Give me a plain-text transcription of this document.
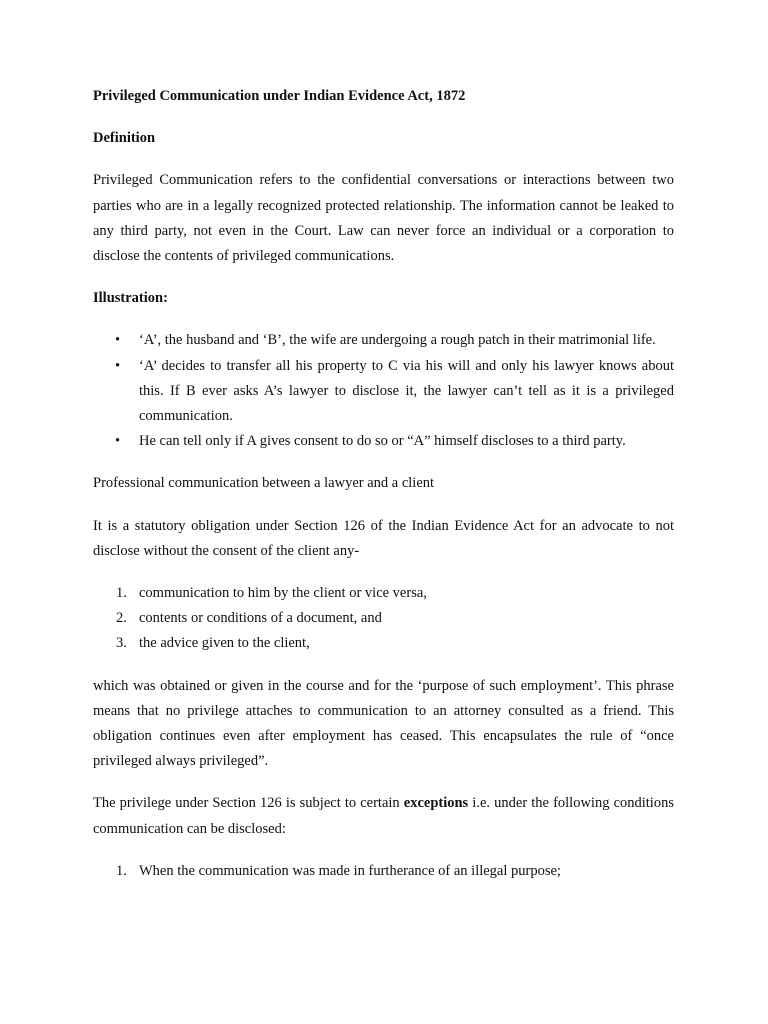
Privileged Communication under Indian Evidence Act, 1872

Definition

Privileged Communication refers to the confidential conversations or interactions between two parties who are in a legally recognized protected relationship. The information cannot be leaked to any third party, not even in the Court. Law can never force an individual or a corporation to disclose the contents of privileged communications.

Illustration:

• ‘A’, the husband and ‘B’, the wife are undergoing a rough patch in their matrimonial life.
• ‘A’ decides to transfer all his property to C via his will and only his lawyer knows about this. If B ever asks A’s lawyer to disclose it, the lawyer can’t tell as it is a privileged communication.
• He can tell only if A gives consent to do so or “A” himself discloses to a third party.

Professional communication between a lawyer and a client

It is a statutory obligation under Section 126 of the Indian Evidence Act for an advocate to not disclose without the consent of the client any-

1. communication to him by the client or vice versa,
2. contents or conditions of a document, and
3. the advice given to the client,

which was obtained or given in the course and for the ‘purpose of such employment’. This phrase means that no privilege attaches to communication to an attorney consulted as a friend. This obligation continues even after employment has ceased. This encapsulates the rule of “once privileged always privileged”.

The privilege under Section 126 is subject to certain exceptions i.e. under the following conditions communication can be disclosed:

1. When the communication was made in furtherance of an illegal purpose;
